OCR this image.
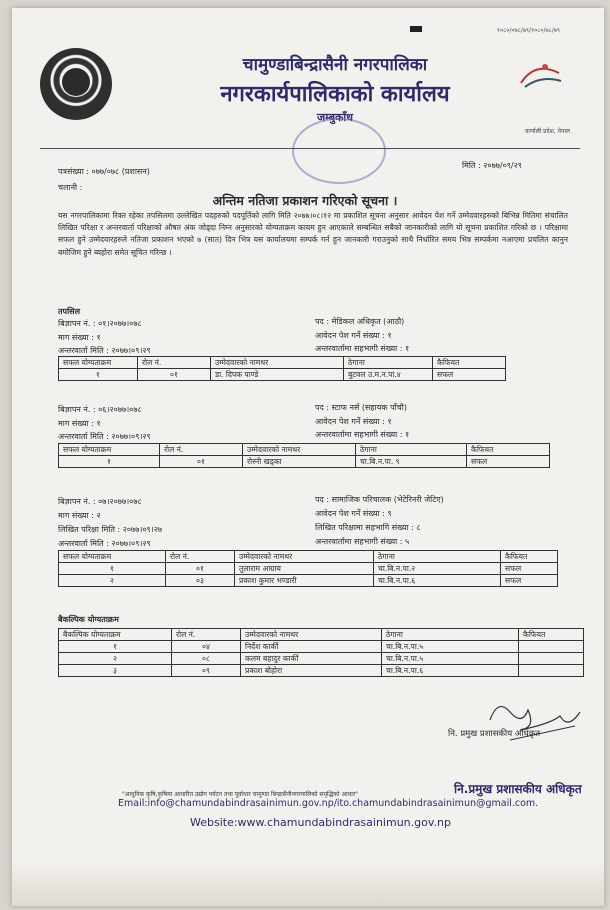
१०८०/०७८/७९/१०८०/७८/७९
चामुण्डाबिन्द्रासैनी नगरपालिका
नगरकार्यपालिकाको कार्यालय
जम्बुकाँध
कर्णाली प्रदेश, नेपाल
पत्रसंख्या : ०७७/०७८ (प्रशासन)
चलानी :
मिति : २०७७/०९/२९
अन्तिम नतिजा प्रकाशन गरिएको सूचना ।
यस नगरपालिकामा रिक्त रहेका तपसिलमा उल्लेखित पदहरुको पदपूर्तिको लागि मिति २०७७।०८।१२ मा प्रकाशित सूचना अनुसार आवेदन पेश गर्ने उम्मेदवारहरुको बिभिन्न मितिमा संचालित लिखित परिक्षा र अन्तरवार्ता परिक्षाको औषत अंक जोड्दा निम्न अनुसारको योग्यताक्रम कायम हुन आएकाले सम्बन्धित सबैको जानकारीको लागि यो सूचना प्रकाशित गरिको छ । परिक्षामा सफल हुने उम्मेदवारहरुले नतिजा प्रकाशन भएको ७ (सात) दिन भित्र यस कार्यालयमा सम्पर्क गर्न हुन जानकारी गराउनुको साथै निर्धारित समय भित्र सम्पर्कमा नआएमा प्रचलित कानुन बमोजिम हुने ब्यहोरा समेत सूचित गरिन्छ ।
तपसिल
बिज्ञापन नं. : ०१।२०७७।०७८
माग संख्या : १
अन्तरवार्ता मिति : २०७७।०९।२९
पद : मेडिकल अधिकृत (आठौ)
आवेदन पेश गर्ने संख्या : १
अन्तरवार्तामा सहभागी संख्या : १
सफल योग्यताक्रम	रोल नं.	उम्मेदवारको नामथर	ठेगाना	कैफियत
१	०१	डा. दिपक पाण्डे	बुटवल उ.म.न.पा.४	सफल
बिज्ञापन नं. : ०६।२०७७।०७८
माग संख्या : १
अन्तरवार्ता मिति : २०७७।०९।२९
पद : स्टाफ नर्स (सहायक पाँचौ)
आवेदन पेश गर्ने संख्या : १
अन्तरवार्तामा सहभागी संख्या : १
सफल योग्यताक्रम	रोल नं.	उम्मेदवारको नामथर	ठेगाना	कैफियत
१	०१	रोस्नी खड्का	चा.बि.न.पा. ९	सफल
बिज्ञापन नं. : ०७।२०७७।०७८
माग संख्या : २
लिखित परिक्षा मिति : २०७७।०९।२७
अन्तरवार्ता मिति : २०७७।०९।२९
पद : सामाजिक परिचालक (भेटेरिनरी जेटिए)
आवेदन पेश गर्ने संख्या : ९
लिखित परिक्षामा सहभागि संख्या : ८
अन्तरवार्तामा सहभागी संख्या : ५
सफल योग्यताक्रम	रोल नं.	उम्मेदवारको नामथर	ठेगाना	कैफियत
१	०१	तुलाराम आग्राय	चा.बि.न.पा.२	सफल
२	०३	प्रकाश कुमार भण्डारी	चा.बि.न.पा.६	सफल
बैकल्पिक योग्यताक्रम
बैकल्पिक योग्यताक्रम	रोल नं.	उम्मेदवारको नामथर	ठेगाना	कैफियत
१	०४	निर्देश कार्की	चा.बि.न.पा.५	
२	०८	कलम बहादुर कार्की	चा.बि.न.पा.५	
३	०९	प्रकाश बोहोरा	चा.बि.न.पा.६	
नि. प्रमुख प्रशासकीय अधिकृत
नि.प्रमुख प्रशासकीय अधिकृत
"आधुनिक कृषि,कृषिमा आधारित उद्योग पर्यटन तथा पूर्वाधार चामुण्डा बिन्द्रासैनीनगरपालिको समृद्धिको आधार"
Email:info@chamundabindrasainimun.gov.np/ito.chamundabindrasainimun@gmail.com.
Website:www.chamundabindrasainimun.gov.np
